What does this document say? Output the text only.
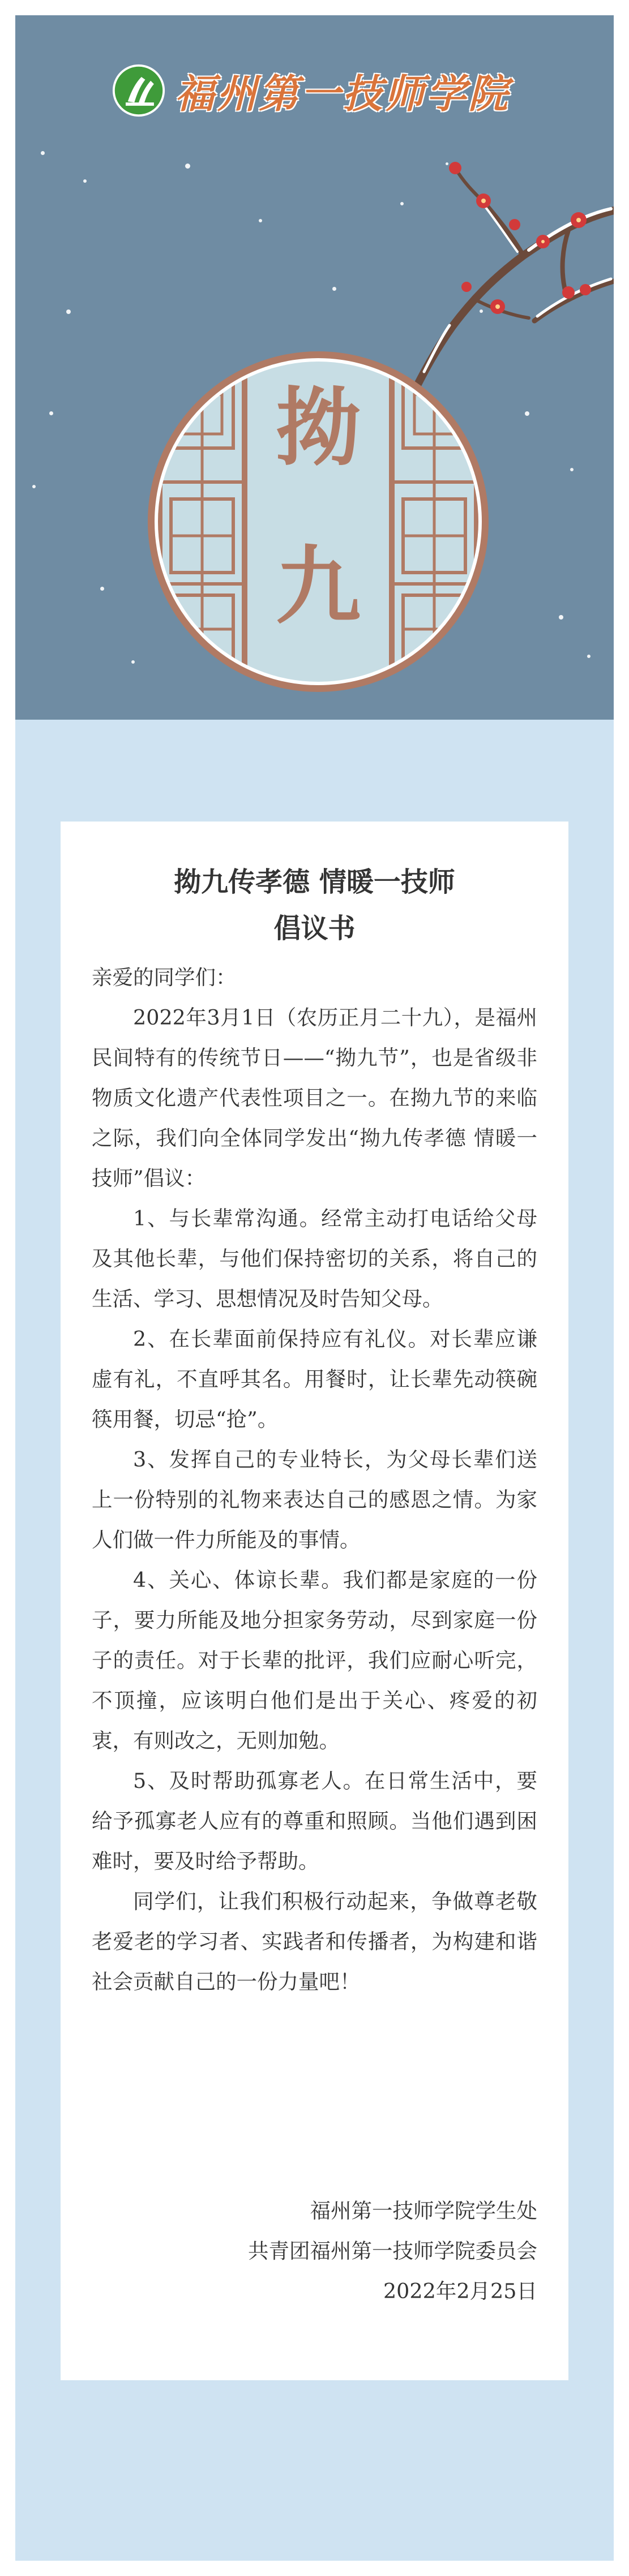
福州第一技师学院
拗
九
拗九传孝德 情暖一技师
倡议书

亲爱的同学们：

2022年3月1日（农历正月二十九），是福州民间特有的传统节日——“拗九节”，也是省级非物质文化遗产代表性项目之一。在拗九节的来临之际，我们向全体同学发出“拗九传孝德 情暖一技师”倡议：

1、与长辈常沟通。经常主动打电话给父母及其他长辈，与他们保持密切的关系，将自己的生活、学习、思想情况及时告知父母。

2、在长辈面前保持应有礼仪。对长辈应谦虚有礼，不直呼其名。用餐时，让长辈先动筷碗筷用餐，切忌“抢”。

3、发挥自己的专业特长，为父母长辈们送上一份特别的礼物来表达自己的感恩之情。为家人们做一件力所能及的事情。

4、关心、体谅长辈。我们都是家庭的一份子，要力所能及地分担家务劳动，尽到家庭一份子的责任。对于长辈的批评，我们应耐心听完，不顶撞，应该明白他们是出于关心、疼爱的初衷，有则改之，无则加勉。

5、及时帮助孤寡老人。在日常生活中，要给予孤寡老人应有的尊重和照顾。当他们遇到困难时，要及时给予帮助。

同学们，让我们积极行动起来，争做尊老敬老爱老的学习者、实践者和传播者，为构建和谐社会贡献自己的一份力量吧！

福州第一技师学院学生处
共青团福州第一技师学院委员会
2022年2月25日
